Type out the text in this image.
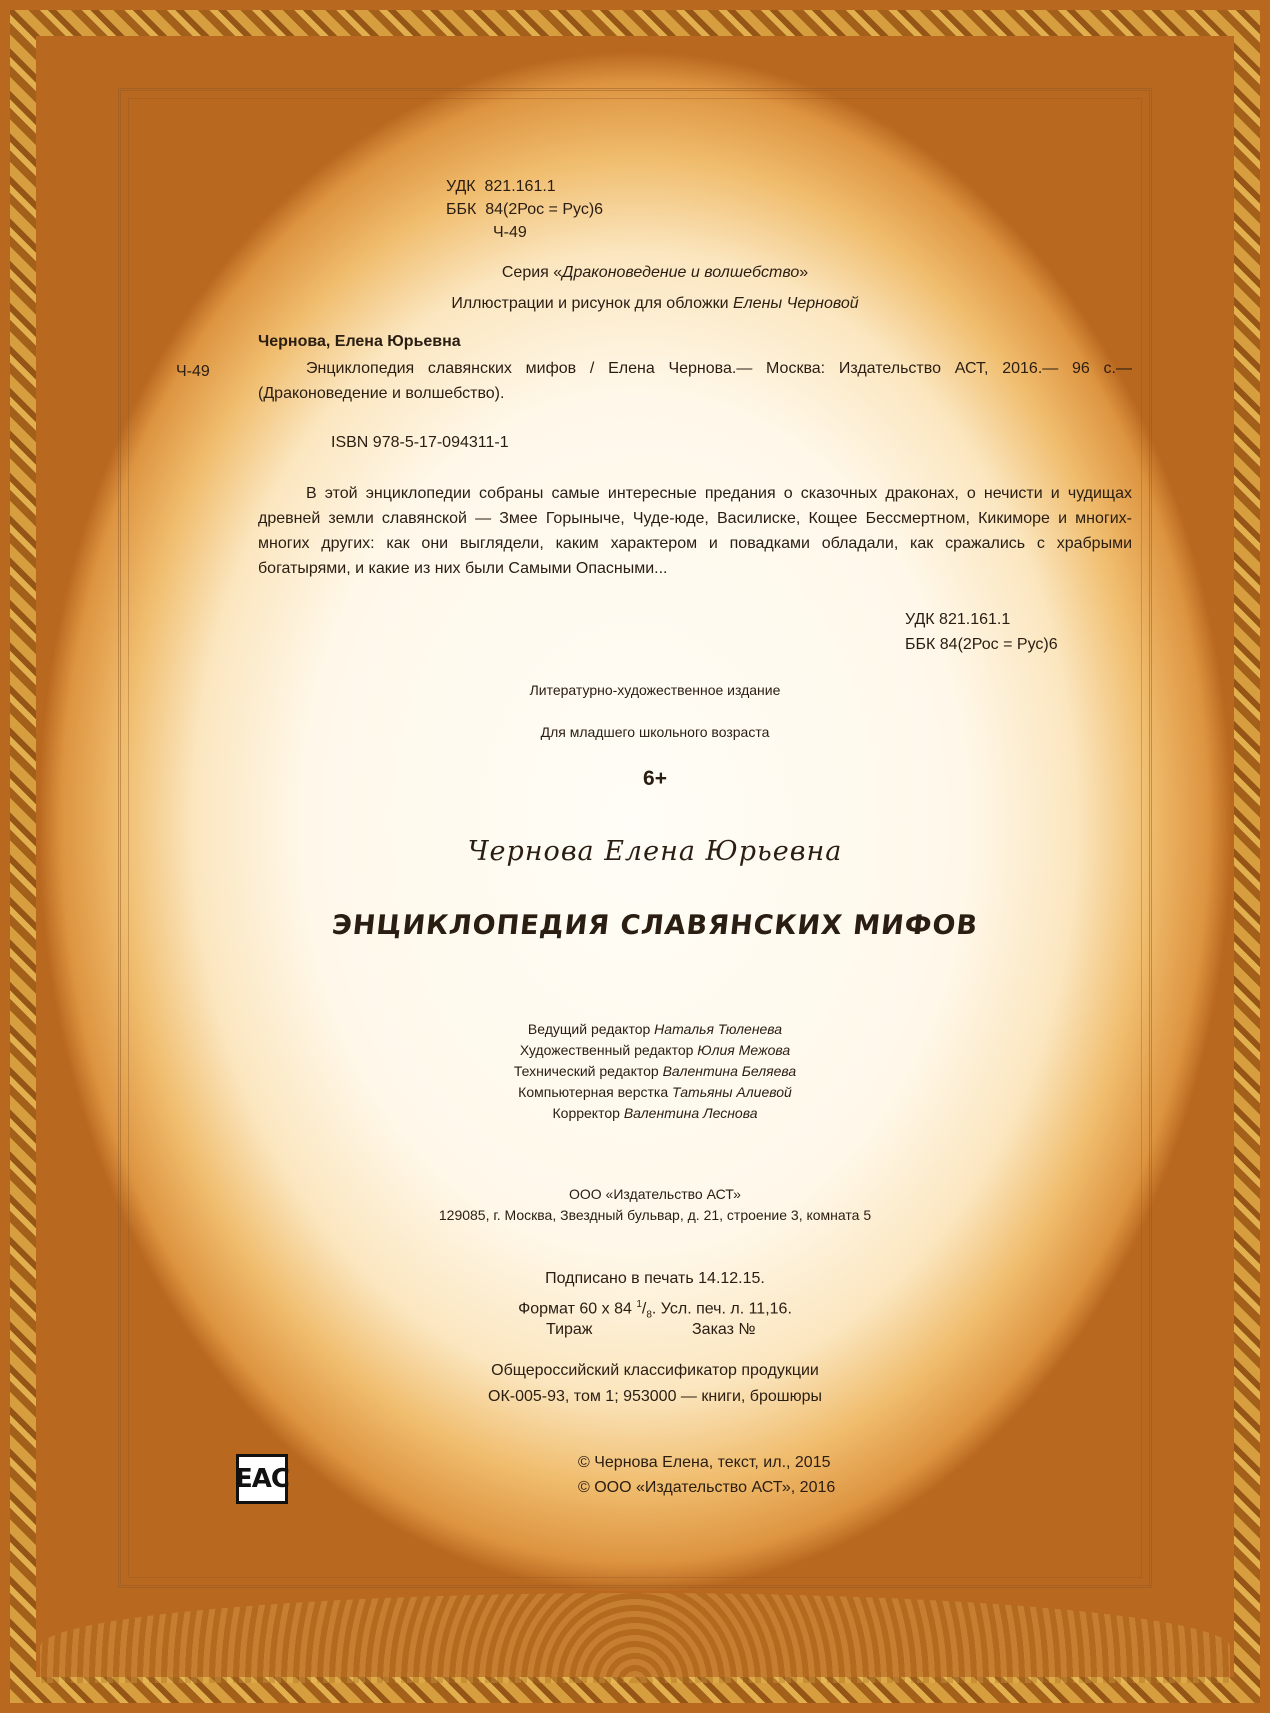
УДК 821.161.1
ББК 84(2Рос = Рус)6
Ч-49
Серия «Драконоведение и волшебство»
Иллюстрации и рисунок для обложки Елены Черновой
Чернова, Елена Юрьевна
Ч-49	Энциклопедия славянских мифов / Елена Чернова.— Москва: Издательство АСТ, 2016.— 96 с.— (Драконоведение и волшебство).
ISBN 978-5-17-094311-1
В этой энциклопедии собраны самые интересные предания о сказочных драконах, о нечисти и чудищах древней земли славянской — Змее Горыныче, Чуде-юде, Василиске, Кощее Бессмертном, Кикиморе и многих-многих других: как они выглядели, каким характером и повадками обладали, как сражались с храбрыми богатырями, и какие из них были Самыми Опасными...
УДК 821.161.1
ББК 84(2Рос = Рус)6
Литературно-художественное издание
Для младшего школьного возраста
6+
Чернова Елена Юрьевна
ЭНЦИКЛОПЕДИЯ СЛАВЯНСКИХ МИФОВ
Ведущий редактор Наталья Тюленева
Художественный редактор Юлия Межова
Технический редактор Валентина Беляева
Компьютерная верстка Татьяны Алиевой
Корректор Валентина Леснова
ООО «Издательство АСТ»
129085, г. Москва, Звездный бульвар, д. 21, строение 3, комната 5
Подписано в печать 14.12.15.
Формат 60 x 84 $^1/_8$. Усл. печ. л. 11,16.
Тираж	Заказ №
Общероссийский классификатор продукции
ОК-005-93, том 1; 953000 — книги, брошюры
EAC
© Чернова Елена, текст, ил., 2015
© ООО «Издательство АСТ», 2016
